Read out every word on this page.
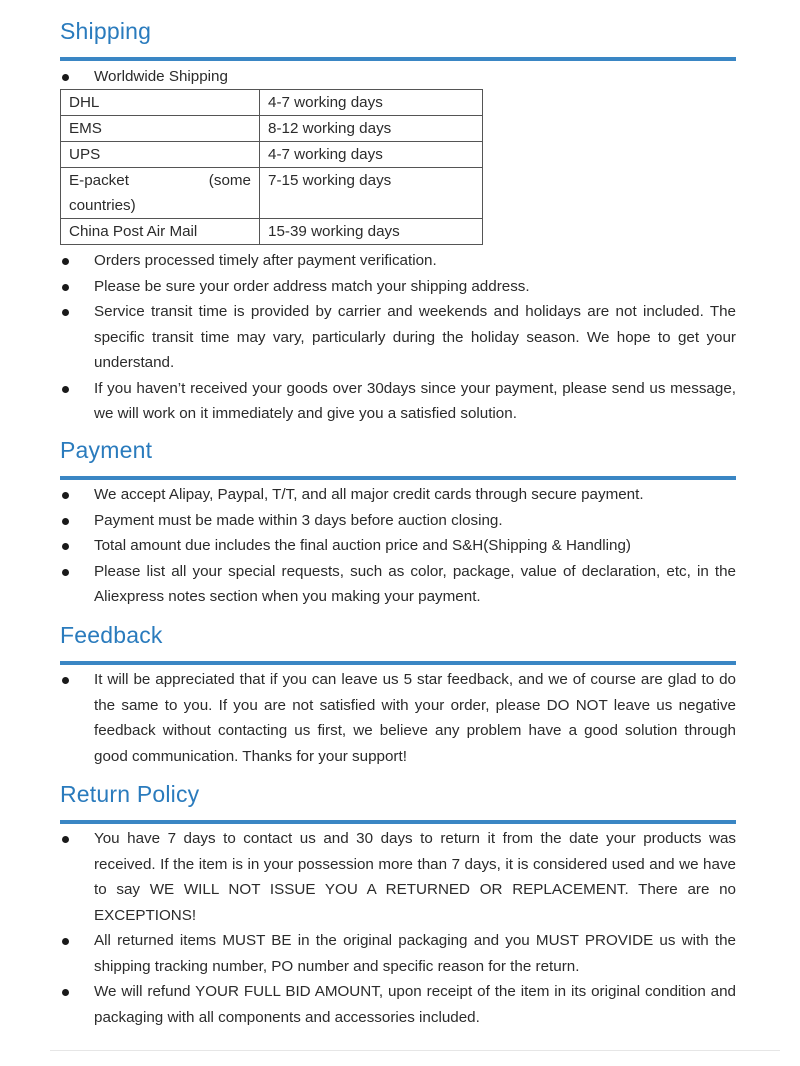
Shipping
Worldwide Shipping
DHL	4-7 working days
EMS	8-12 working days
UPS	4-7 working days

E-packet (some
countries)	7-15 working days
China Post Air Mail	15-39 working days
Orders processed timely after payment verification.
Please be sure your order address match your shipping address.
Service transit time is provided by carrier and weekends and holidays are not included. The specific transit time may vary, particularly during the holiday season. We hope to get your understand.
If you haven’t received your goods over 30days since your payment, please send us message, we will work on it immediately and give you a satisfied solution.
Payment
We accept Alipay, Paypal, T/T, and all major credit cards through secure payment.
Payment must be made within 3 days before auction closing.
Total amount due includes the final auction price and S&H(Shipping & Handling)
Please list all your special requests, such as color, package, value of declaration, etc, in the Aliexpress notes section when you making your payment.
Feedback
It will be appreciated that if you can leave us 5 star feedback, and we of course are glad to do the same to you. If you are not satisfied with your order, please DO NOT leave us negative feedback without contacting us first, we believe any problem have a good solution through good communication. Thanks for your support!
Return Policy
You have 7 days to contact us and 30 days to return it from the date your products was received. If the item is in your possession more than 7 days, it is considered used and we have to say WE WILL NOT ISSUE YOU A RETURNED OR REPLACEMENT. There are no EXCEPTIONS!
All returned items MUST BE in the original packaging and you MUST PROVIDE us with the shipping tracking number, PO number and specific reason for the return.
We will refund YOUR FULL BID AMOUNT, upon receipt of the item in its original condition and packaging with all components and accessories included.
